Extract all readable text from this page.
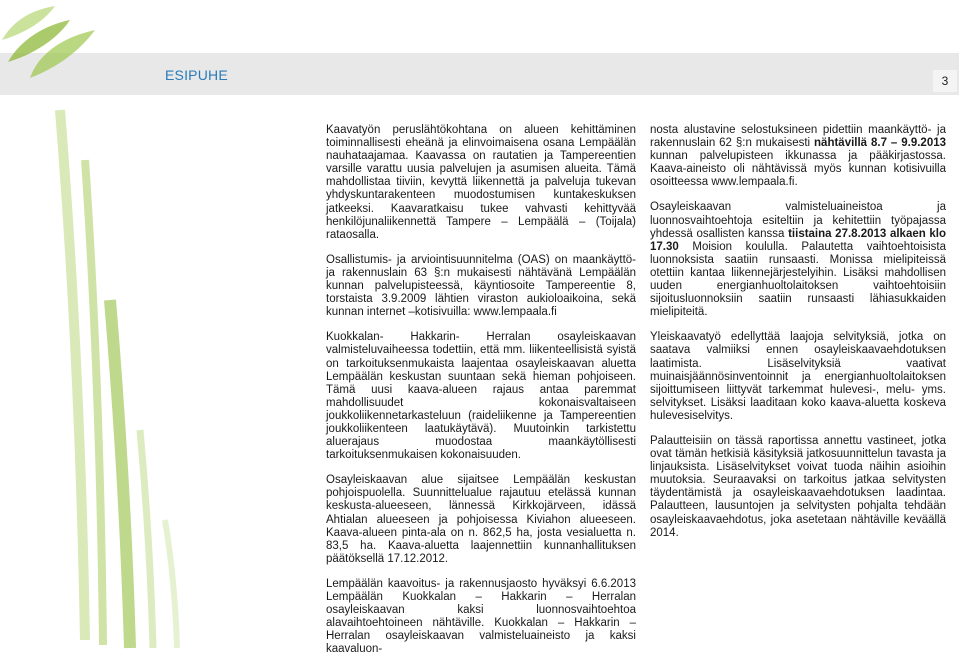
ESIPUHE	3

Kaavatyön peruslähtökohtana on alueen kehittäminen toiminnallisesti eheänä ja elinvoimaisena osana Lempäälän nauhataajamaa. Kaavassa on rautatien ja Tampereentien varsille varattu uusia palvelujen ja asumisen alueita. Tämä mahdollistaa tiiviin, kevyttä liikennettä ja palveluja tukevan yhdyskuntarakenteen muodostumisen kuntakeskuksen jatkeeksi. Kaavaratkaisu tukee vahvasti kehittyvää henkilöjunaliikennettä Tampere – Lempäälä – (Toijala) rataosalla.

Osallistumis- ja arviointisuunnitelma (OAS) on maankäyttö- ja rakennuslain 63 §:n mukaisesti nähtävänä Lempäälän kunnan palvelupisteessä, käyntiosoite Tampereentie 8, torstaista 3.9.2009 lähtien viraston aukioloaikoina, sekä kunnan internet –kotisivuilla: www.lempaala.fi

Kuokkalan- Hakkarin- Herralan osayleiskaavan valmisteluvaiheessa todettiin, että mm. liikenteellisistä syistä on tarkoituksenmukaista laajentaa osayleiskaavan aluetta Lempäälän keskustan suuntaan sekä hieman pohjoiseen. Tämä uusi kaava-alueen rajaus antaa paremmat mahdollisuudet kokonaisvaltaiseen joukkoliikennetarkasteluun (raideliikenne ja Tampereentien joukkoliikenteen laatukäytävä). Muutoinkin tarkistettu aluerajaus muodostaa maankäytöllisesti tarkoituksenmukaisen kokonaisuuden.

Osayleiskaavan alue sijaitsee Lempäälän keskustan pohjoispuolella. Suunnittelualue rajautuu etelässä kunnan keskusta-alueeseen, lännessä Kirkkojärveen, idässä Ahtialan alueeseen ja pohjoisessa Kiviahon alueeseen. Kaava-alueen pinta-ala on n. 862,5 ha, josta vesialuetta n. 83,5 ha. Kaava-aluetta laajennettiin kunnanhallituksen päätöksellä 17.12.2012.

Lempäälän kaavoitus- ja rakennusjaosto hyväksyi 6.6.2013 Lempäälän Kuokkalan – Hakkarin – Herralan osayleiskaavan kaksi luonnosvaihtoehtoa alavaihtoehtoineen nähtäville. Kuokkalan – Hakkarin – Herralan osayleiskaavan valmisteluaineisto ja kaksi kaavaluon-

nosta alustavine selostuksineen pidettiin maankäyttö- ja rakennuslain 62 §:n mukaisesti nähtävillä 8.7 – 9.9.2013 kunnan palvelupisteen ikkunassa ja pääkirjastossa. Kaava-aineisto oli nähtävissä myös kunnan kotisivuilla osoitteessa www.lempaala.fi.

Osayleiskaavan valmisteluaineistoa ja luonnosvaihtoehtoja esiteltiin ja kehitettiin työpajassa yhdessä osallisten kanssa tiistaina 27.8.2013 alkaen klo 17.30 Moision koululla. Palautetta vaihtoehtoisista luonnoksista saatiin runsaasti. Monissa mielipiteissä otettiin kantaa liikennejärjestelyihin. Lisäksi mahdollisen uuden energianhuoltolaitoksen vaihtoehtoisiin sijoitusluonnoksiin saatiin runsaasti lähiasukkaiden mielipiteitä.

Yleiskaavatyö edellyttää laajoja selvityksiä, jotka on saatava valmiiksi ennen osayleiskaavaehdotuksen laatimista. Lisäselvityksiä vaativat muinaisjäännösinventoinnit ja energianhuoltolaitoksen sijoittumiseen liittyvät tarkemmat hulevesi-, melu- yms. selvitykset. Lisäksi laaditaan koko kaava-aluetta koskeva hulevesiselvitys.

Palautteisiin on tässä raportissa annettu vastineet, jotka ovat tämän hetkisiä käsityksiä jatkosuunnittelun tavasta ja linjauksista. Lisäselvitykset voivat tuoda näihin asioihin muutoksia. Seuraavaksi on tarkoitus jatkaa selvitysten täydentämistä ja osayleiskaavaehdotuksen laadintaa. Palautteen, lausuntojen ja selvitysten pohjalta tehdään osayleiskaavaehdotus, joka asetetaan nähtäville keväällä 2014.
